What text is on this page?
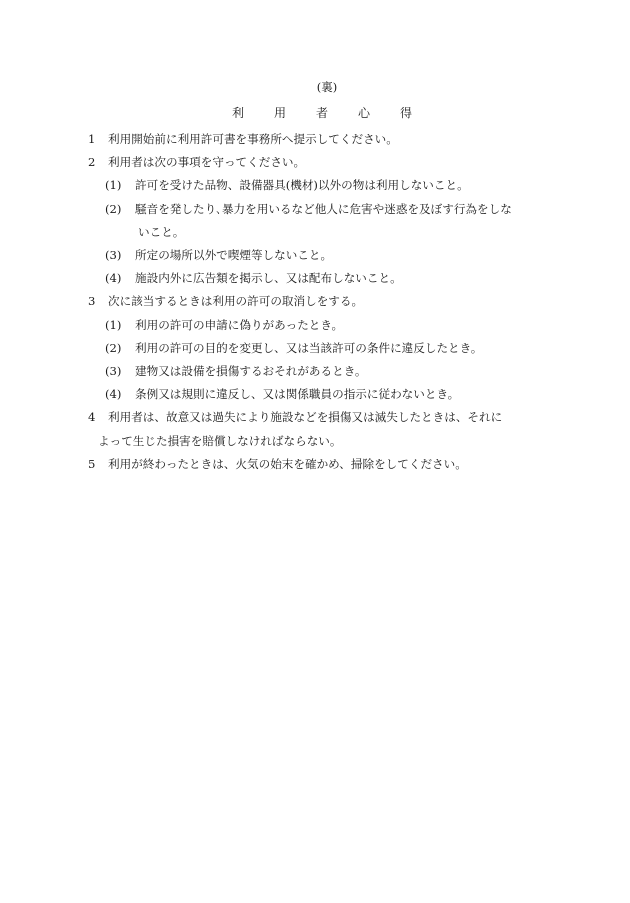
(裏)
利 用 者 心 得
1	利用開始前に利用許可書を事務所へ提示してください。
2	利用者は次の事項を守ってください。
(1)	許可を受けた品物、設備器具(機材)以外の物は利用しないこと。
(2)	騒音を発したり､暴力を用いるなど他人に危害や迷惑を及ぼす行為をしな
いこと。
(3)	所定の場所以外で喫煙等しないこと。
(4)	施設内外に広告類を掲示し、又は配布しないこと。
3	次に該当するときは利用の許可の取消しをする。
(1)	利用の許可の申請に偽りがあったとき。
(2)	利用の許可の目的を変更し、又は当該許可の条件に違反したとき。
(3)	建物又は設備を損傷するおそれがあるとき。
(4)	条例又は規則に違反し、又は関係職員の指示に従わないとき。
4	利用者は、故意又は過失により施設などを損傷又は滅失したときは、それに
よって生じた損害を賠償しなければならない。
5	利用が終わったときは、火気の始末を確かめ、掃除をしてください。
